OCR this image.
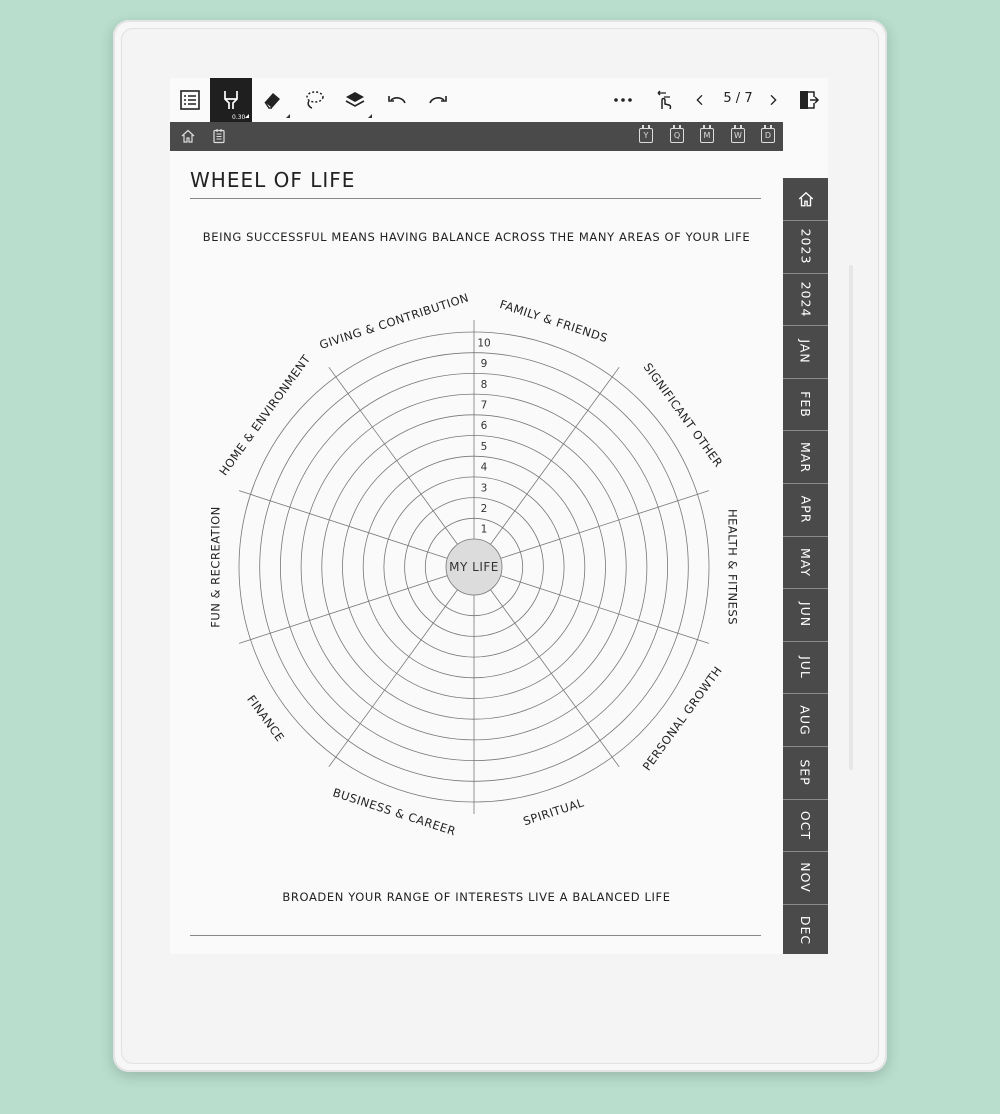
0.30
5 / 7
Y	Q	M	W	D
WHEEL OF LIFE
BEING SUCCESSFUL MEANS HAVING BALANCE ACROSS THE MANY AREAS OF YOUR LIFE
1
2
3
4
5
6
7
8
9
10 FAMILY & FRIENDS
SIGNIFICANT OTHER
HEALTH & FITNESS
PERSONAL GROWTH
SPIRITUAL
BUSINESS & CAREER
FINANCE
FUN & RECREATION
HOME & ENVIRONMENT
GIVING & CONTRIBUTION
MY LIFE
BROADEN YOUR RANGE OF INTERESTS LIVE A BALANCED LIFE
2023
2024
JAN
FEB
MAR
APR
MAY
JUN
JUL
AUG
SEP
OCT
NOV
DEC
